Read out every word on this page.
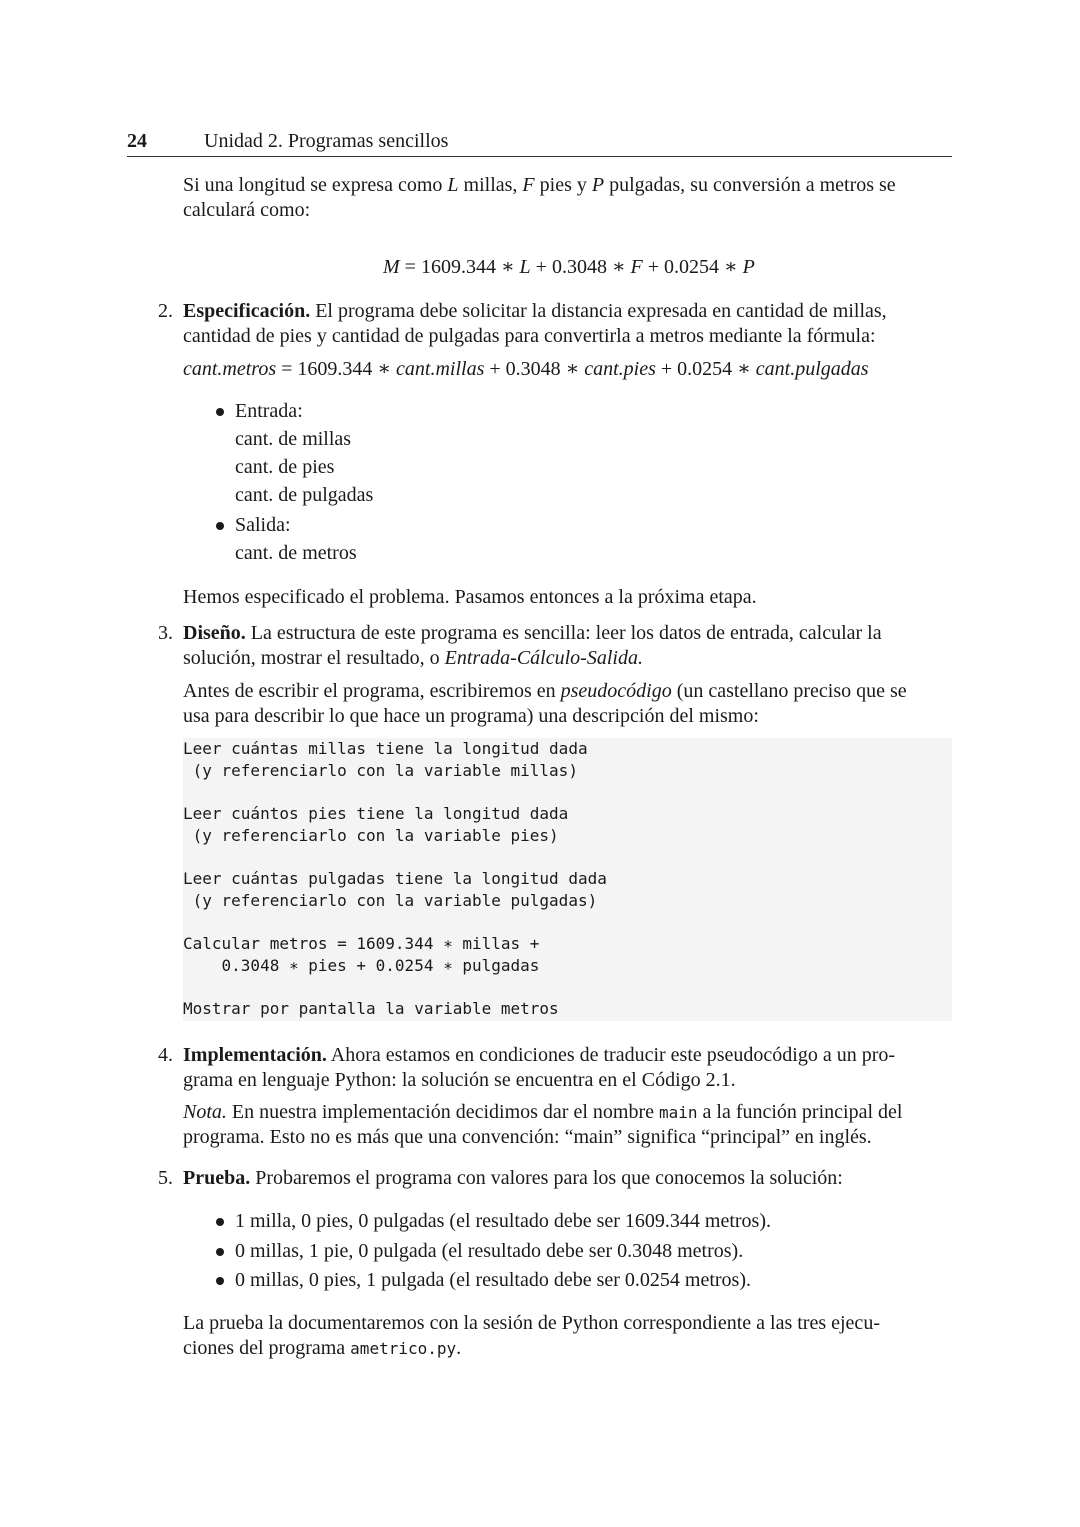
24	Unidad 2. Programas sencillos
Si una longitud se expresa como L millas, F pies y P pulgadas, su conversión a metros se
calculará como:
M = 1609.344 ∗ L + 0.3048 ∗ F + 0.0254 ∗ P
2. Especificación. El programa debe solicitar la distancia expresada en cantidad de millas,
cantidad de pies y cantidad de pulgadas para convertirla a metros mediante la fórmula:
cant.metros = 1609.344 ∗ cant.millas + 0.3048 ∗ cant.pies + 0.0254 ∗ cant.pulgadas
Entrada:
cant. de millas
cant. de pies
cant. de pulgadas
Salida:
cant. de metros
Hemos especificado el problema. Pasamos entonces a la próxima etapa.
3. Diseño. La estructura de este programa es sencilla: leer los datos de entrada, calcular la
solución, mostrar el resultado, o Entrada-Cálculo-Salida.
Antes de escribir el programa, escribiremos en pseudocódigo (un castellano preciso que se
usa para describir lo que hace un programa) una descripción del mismo:
Leer cuántas millas tiene la longitud dada
(y referenciarlo con la variable millas)
Leer cuántos pies tiene la longitud dada
(y referenciarlo con la variable pies)
Leer cuántas pulgadas tiene la longitud dada
(y referenciarlo con la variable pulgadas)
Calcular metros = 1609.344 ∗ millas +
0.3048 ∗ pies + 0.0254 ∗ pulgadas
Mostrar por pantalla la variable metros
4. Implementación. Ahora estamos en condiciones de traducir este pseudocódigo a un pro-
grama en lenguaje Python: la solución se encuentra en el Código 2.1.
Nota. En nuestra implementación decidimos dar el nombre main a la función principal del
programa. Esto no es más que una convención: “main” significa “principal” en inglés.
5. Prueba. Probaremos el programa con valores para los que conocemos la solución:
1 milla, 0 pies, 0 pulgadas (el resultado debe ser 1609.344 metros).
0 millas, 1 pie, 0 pulgada (el resultado debe ser 0.3048 metros).
0 millas, 0 pies, 1 pulgada (el resultado debe ser 0.0254 metros).
La prueba la documentaremos con la sesión de Python correspondiente a las tres ejecu-
ciones del programa ametrico.py.
